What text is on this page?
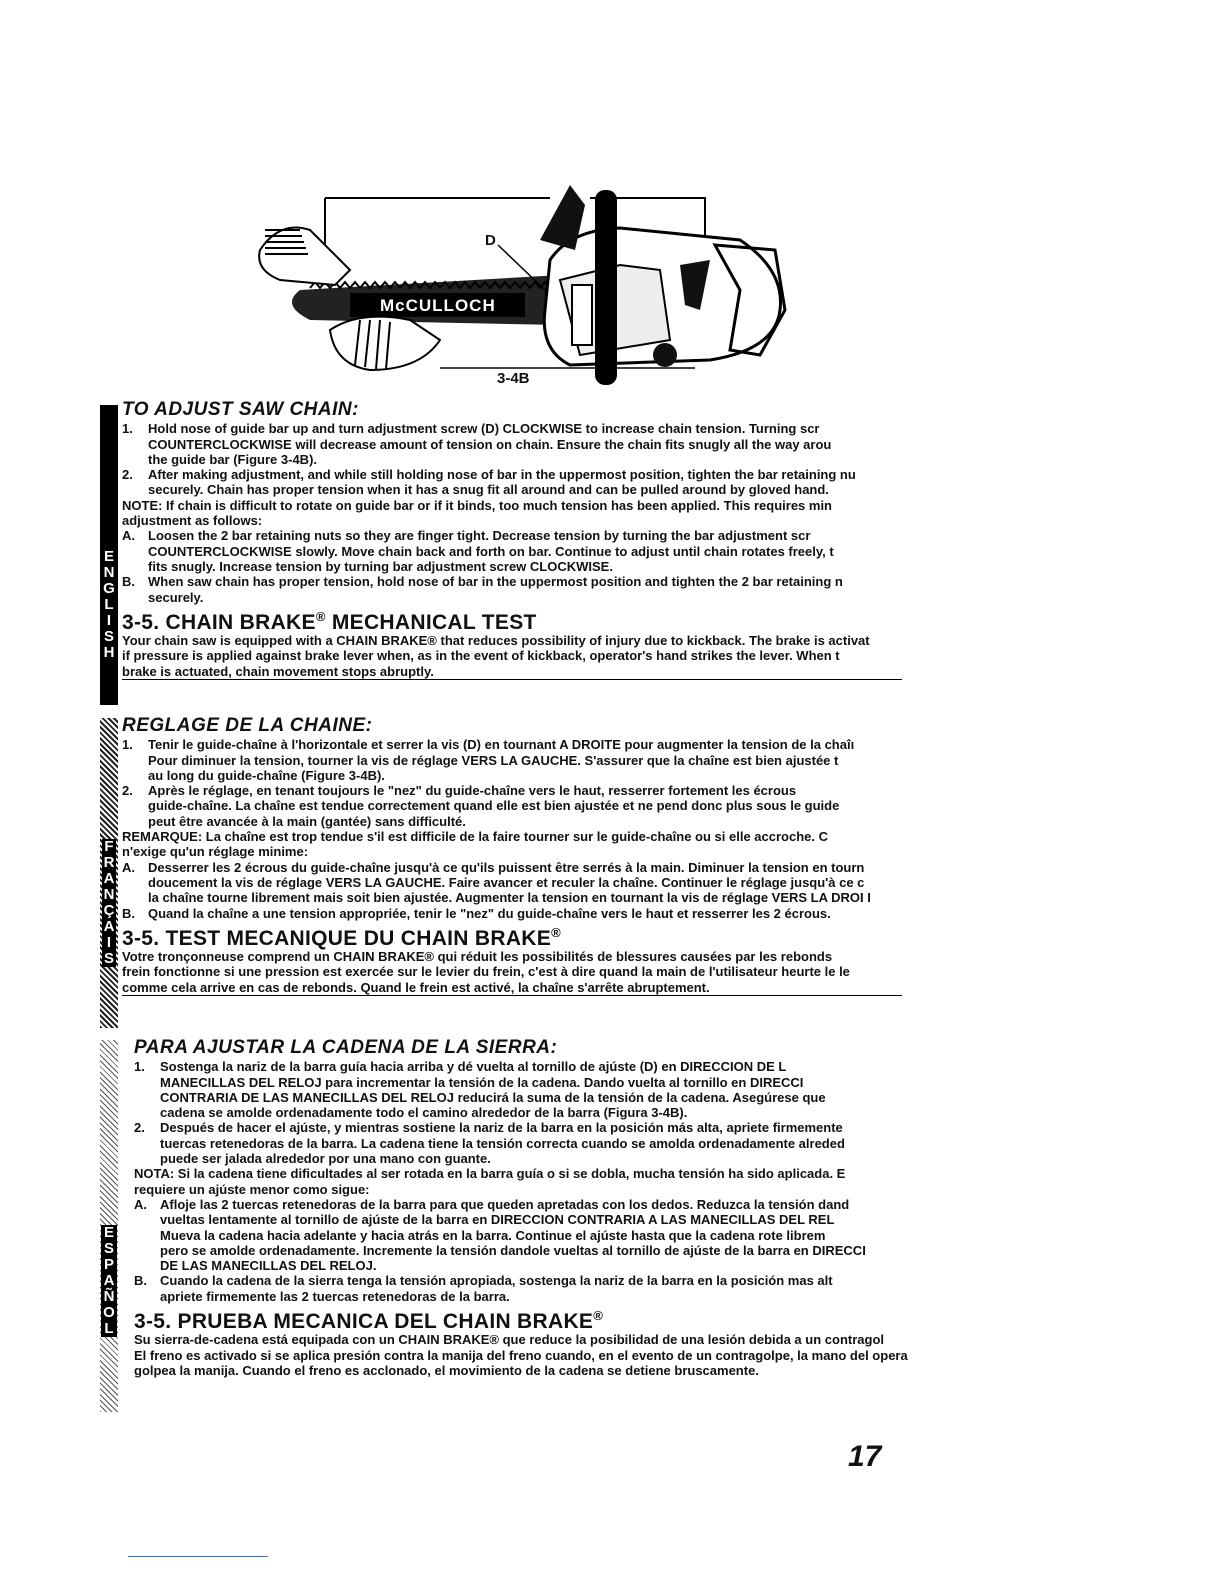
McCULLOCH
D
3-4B
E
N
G
L
I
S
H
TO ADJUST SAW CHAIN:
1. Hold nose of guide bar up and turn adjustment screw (D) CLOCKWISE to increase chain tension. Turning scr
COUNTERCLOCKWISE will decrease amount of tension on chain. Ensure the chain fits snugly all the way arou
the guide bar (Figure 3-4B).
2. After making adjustment, and while still holding nose of bar in the uppermost position, tighten the bar retaining nu
securely. Chain has proper tension when it has a snug fit all around and can be pulled around by gloved hand.
NOTE: If chain is difficult to rotate on guide bar or if it binds, too much tension has been applied. This requires min
adjustment as follows:
A. Loosen the 2 bar retaining nuts so they are finger tight. Decrease tension by turning the bar adjustment scr
COUNTERCLOCKWISE slowly. Move chain back and forth on bar. Continue to adjust until chain rotates freely, t
fits snugly. Increase tension by turning bar adjustment screw CLOCKWISE.
B. When saw chain has proper tension, hold nose of bar in the uppermost position and tighten the 2 bar retaining n
securely.
3-5. CHAIN BRAKE® MECHANICAL TEST
Your chain saw is equipped with a CHAIN BRAKE® that reduces possibility of injury due to kickback. The brake is activat
if pressure is applied against brake lever when, as in the event of kickback, operator's hand strikes the lever. When t
brake is actuated, chain movement stops abruptly.
F
R
A
N
Ç
A
I
S
REGLAGE DE LA CHAINE:
1. Tenir le guide-chaîne à l'horizontale et serrer la vis (D) en tournant A DROITE pour augmenter la tension de la chaîı
Pour diminuer la tension, tourner la vis de réglage VERS LA GAUCHE. S'assurer que la chaîne est bien ajustée t
au long du guide-chaîne (Figure 3-4B).
2. Après le réglage, en tenant toujours le "nez" du guide-chaîne vers le haut, resserrer fortement les écrous
guide-chaîne. La chaîne est tendue correctement quand elle est bien ajustée et ne pend donc plus sous le guide
peut être avancée à la main (gantée) sans difficulté.
REMARQUE: La chaîne est trop tendue s'il est difficile de la faire tourner sur le guide-chaîne ou si elle accroche. C
n'exige qu'un réglage minime:
A. Desserrer les 2 écrous du guide-chaîne jusqu'à ce qu'ils puissent être serrés à la main. Diminuer la tension en tourn
doucement la vis de réglage VERS LA GAUCHE. Faire avancer et reculer la chaîne. Continuer le réglage jusqu'à ce c
la chaîne tourne librement mais soit bien ajustée. Augmenter la tension en tournant la vis de réglage VERS LA DROI I
B. Quand la chaîne a une tension appropriée, tenir le "nez" du guide-chaîne vers le haut et resserrer les 2 écrous.
3-5. TEST MECANIQUE DU CHAIN BRAKE®
Votre tronçonneuse comprend un CHAIN BRAKE® qui réduit les possibilités de blessures causées par les rebonds
frein fonctionne si une pression est exercée sur le levier du frein, c'est à dire quand la main de l'utilisateur heurte le le
comme cela arrive en cas de rebonds. Quand le frein est activé, la chaîne s'arrête abruptement.
E
S
P
A
Ñ
O
L
PARA AJUSTAR LA CADENA DE LA SIERRA:
1. Sostenga la nariz de la barra guía hacia arriba y dé vuelta al tornillo de ajúste (D) en DIRECCION DE L
MANECILLAS DEL RELOJ para incrementar la tensión de la cadena. Dando vuelta al tornillo en DIRECCI
CONTRARIA DE LAS MANECILLAS DEL RELOJ reducirá la suma de la tensión de la cadena. Asegúrese que
cadena se amolde ordenadamente todo el camino alrededor de la barra (Figura 3-4B).
2. Después de hacer el ajúste, y mientras sostiene la nariz de la barra en la posición más alta, apriete firmemente
tuercas retenedoras de la barra. La cadena tiene la tensión correcta cuando se amolda ordenadamente alreded
puede ser jalada alrededor por una mano con guante.
NOTA: Si la cadena tiene dificultades al ser rotada en la barra guía o si se dobla, mucha tensión ha sido aplicada. E
requiere un ajúste menor como sigue:
A. Afloje las 2 tuercas retenedoras de la barra para que queden apretadas con los dedos. Reduzca la tensión dand
vueltas lentamente al tornillo de ajúste de la barra en DIRECCION CONTRARIA A LAS MANECILLAS DEL REL
Mueva la cadena hacia adelante y hacia atrás en la barra. Continue el ajúste hasta que la cadena rote librem
pero se amolde ordenadamente. Incremente la tensión dandole vueltas al tornillo de ajúste de la barra en DIRECCI
DE LAS MANECILLAS DEL RELOJ.
B. Cuando la cadena de la sierra tenga la tensión apropiada, sostenga la nariz de la barra en la posición mas alt
apriete firmemente las 2 tuercas retenedoras de la barra.
3-5. PRUEBA MECANICA DEL CHAIN BRAKE®
Su sierra-de-cadena está equipada con un CHAIN BRAKE® que reduce la posibilidad de una lesión debida a un contragol
El freno es activado si se aplica presión contra la manija del freno cuando, en el evento de un contragolpe, la mano del opera
golpea la manija. Cuando el freno es acclonado, el movimiento de la cadena se detiene bruscamente.
17
